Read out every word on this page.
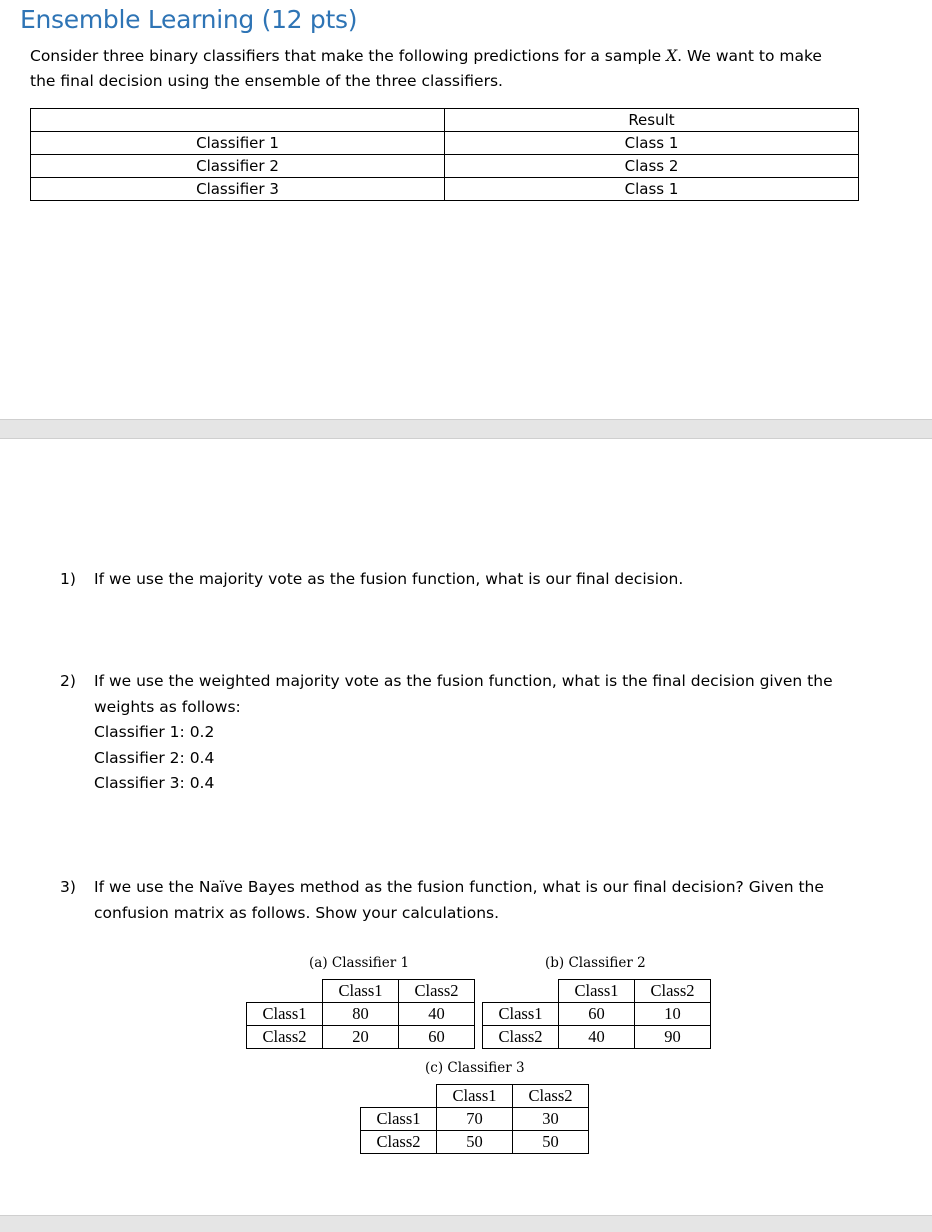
Ensemble Learning (12 pts)
Consider three binary classifiers that make the following predictions for a sample X. We want to make
the final decision using the ensemble of the three classifiers.
	Result
Classifier 1	Class 1
Classifier 2	Class 2
Classifier 3	Class 1
1) If we use the majority vote as the fusion function, what is our final decision.
2) If we use the weighted majority vote as the fusion function, what is the final decision given the
weights as follows:
Classifier 1: 0.2
Classifier 2: 0.4
Classifier 3: 0.4
3) If we use the Naïve Bayes method as the fusion function, what is our final decision? Given the
confusion matrix as follows. Show your calculations.
(a) Classifier 1
	Class1	Class2
Class1	80	40
Class2	20	60
(b) Classifier 2
	Class1	Class2
Class1	60	10
Class2	40	90
(c) Classifier 3
	Class1	Class2
Class1	70	30
Class2	50	50
